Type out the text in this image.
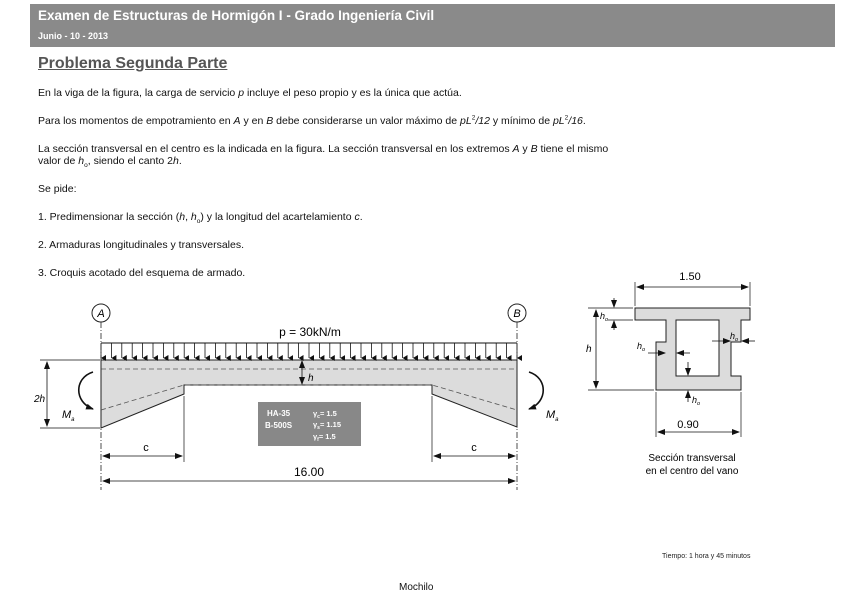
Examen de Estructuras de Hormigón I - Grado Ingeniería Civil
Junio - 10 - 2013
Problema Segunda Parte
En la viga de la figura, la carga de servicio p incluye el peso propio y es la única que actúa.
Para los momentos de empotramiento en A y en B debe considerarse un valor máximo de $pL^2/12$ y mínimo de $pL^2/16$.
La sección transversal en el centro es la indicada en la figura. La sección transversal en los extremos A y B tiene el mismo
valor de $h_o$, siendo el canto 2h.
Se pide:
1. Predimensionar la sección (h, $h_o$) y la longitud del acartelamiento c.
2. Armaduras longitudinales y transversales.
3. Croquis acotado del esquema de armado.
A	B
p = 30kN/m
h
2h
$M_a$	$M_a$
HA-35
B-500S
$\gamma_c= 1.5$
$\gamma_s= 1.15$
$\gamma_f= 1.5$
c	c
16.00
1.50
0.90
h
$h_o$
$h_o$
$h_o$
$h_o$
Sección transversal
en el centro del vano
Tiempo: 1 hora y 45 minutos
Mochilo
